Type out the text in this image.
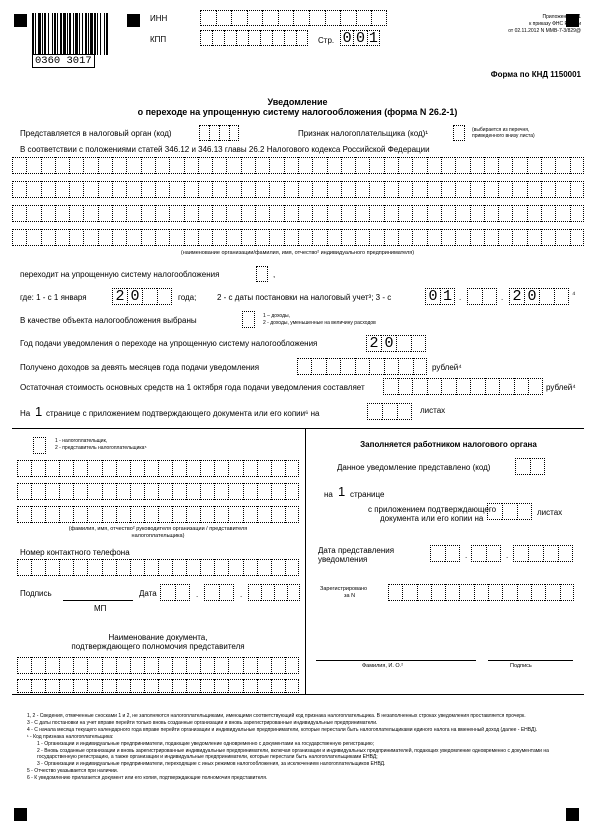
0360 3017
ИНН
КПП	Стр. 0 0 1
Приложение N 1
к приказу ФНС России
от 02.11.2012 N ММВ-7-3/829@
Форма по КНД 1150001
Уведомление
о переходе на упрощенную систему налогообложения (форма N 26.2-1)
Представляется в налоговый орган (код)	Признак налогоплательщика (код)¹	(выбирается из перечня,
приведенного внизу листа)
В соответствии с положениями статей 346.12 и 346.13 главы 26.2 Налогового кодекса Российской Федерации
(наименование организации/фамилия, имя, отчество² индивидуального предпринимателя)
переходит на упрощенную систему налогообложения	,
где: 1 - с 1 января 2 0	года;	2 - с даты постановки на налоговый учет³; 3 - с 0 1 .	. 2 0	⁴
В качестве объекта налогообложения выбраны	1 – доходы,
2 - доходы, уменьшенные на величину расходов
Год подачи уведомления о переходе на упрощенную систему налогообложения	2 0
Получено доходов за девять месяцев года подачи уведомления	рублей⁴
Остаточная стоимость основных средств на 1 октября года подачи уведомления составляет	рублей⁴
На 1 странице с приложением подтверждающего документа или его копии⁶ на	листах
1 - налогоплательщик,
2 - представитель налогоплательщика⁵
(фамилия, имя, отчество² руководителя организации / представителя
налогоплательщика)
Номер контактного телефона
Подпись	Дата	.	.
МП
Наименование документа,
подтверждающего полномочия представителя
Заполняется работником налогового органа
Данное уведомление представлено (код)
на 1 странице
с приложением подтверждающего
документа или его копии на
листах
Дата представления
уведомления	.	.
Зарегистрировано
за N
Фамилия, И. О.²	Подпись
1, 2 - Сведения, отмеченные сносками 1 и 2, не заполняются налогоплательщиками, имеющими соответствующий код признака налогоплательщика. В незаполненных строках уведомления проставляется прочерк.
3 - С даты постановки на учет вправе перейти только вновь созданные организации и вновь зарегистрированные индивидуальные предприниматели.
4 - С начала месяца текущего календарного года вправе перейти организации и индивидуальные предприниматели, которые перестали быть налогоплательщиками единого налога на вмененный доход (далее - ЕНВД).
¹ - Код признака налогоплательщика:
1 - Организации и индивидуальные предприниматели, подающие уведомление одновременно с документами на государственную регистрацию;
2 - Вновь созданные организации и вновь зарегистрированные индивидуальные предприниматели, включая организации и индивидуальных предпринимателей, подающих уведомление одновременно с документами на государственную регистрацию, а также организации и индивидуальные предприниматели, которые перестали быть налогоплательщиками ЕНВД;
3 - Организации и индивидуальные предприниматели, переходящие с иных режимов налогообложения, за исключением налогоплательщиков ЕНВД.
5 - Отчество указывается при наличии.
6 - К уведомлению прилагается документ или его копия, подтверждающие полномочия представителя.
